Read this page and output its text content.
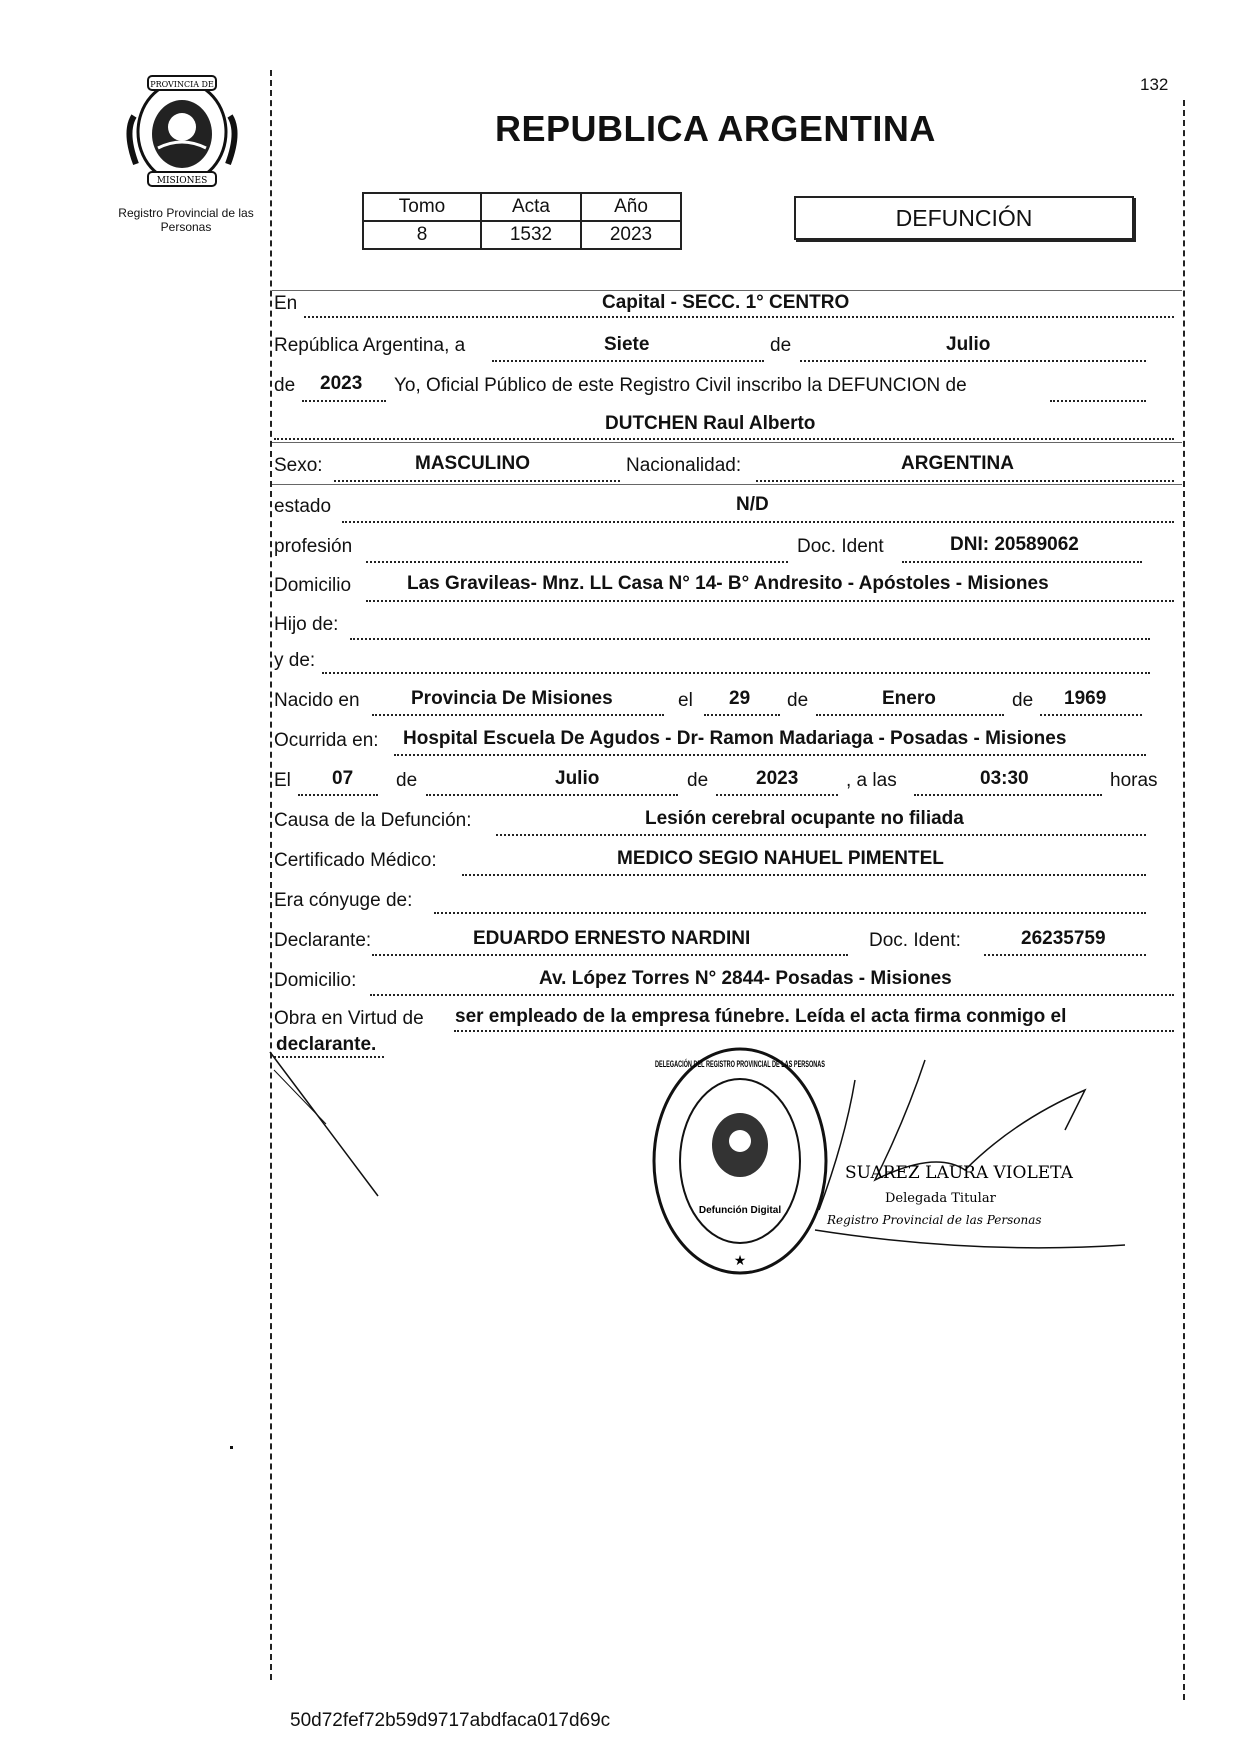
PROVINCIA DE
MISIONES
Registro Provincial de las Personas
132
REPUBLICA ARGENTINA
Tomo	Acta	Año
8	1532	2023
DEFUNCIÓN
En	Capital - SECC. 1° CENTRO
República Argentina, a	Siete	de	Julio
de 2023 Yo, Oficial Público de este Registro Civil inscribo la DEFUNCION de
DUTCHEN Raul Alberto
Sexo:	MASCULINO	Nacionalidad:	ARGENTINA
estado	N/D
profesión	Doc. Ident	DNI: 20589062
Domicilio	Las Gravileas- Mnz. LL Casa N° 14- B° Andresito - Apóstoles - Misiones
Hijo de:
y de:
Nacido en	Provincia De Misiones	el 29 de	Enero	de 1969
Ocurrida en: Hospital Escuela De Agudos - Dr- Ramon Madariaga - Posadas - Misiones
El 07 de	Julio	de	2023	, a las	03:30	horas
Causa de la Defunción:	Lesión cerebral ocupante no filiada
Certificado Médico:	MEDICO SEGIO NAHUEL PIMENTEL
Era cónyuge de:
Declarante:	EDUARDO ERNESTO NARDINI	Doc. Ident:	26235759
Domicilio:	Av. López Torres N° 2844- Posadas - Misiones
Obra en Virtud de ser empleado de la empresa fúnebre. Leída el acta firma conmigo el
declarante.
★
DELEGACIÓN DEL REGISTRO PROVINCIAL DE LAS PERSONAS
Defunción Digital
SUAREZ LAURA VIOLETA
Delegada Titular
Registro Provincial de las Personas
50d72fef72b59d9717abdfaca017d69c
